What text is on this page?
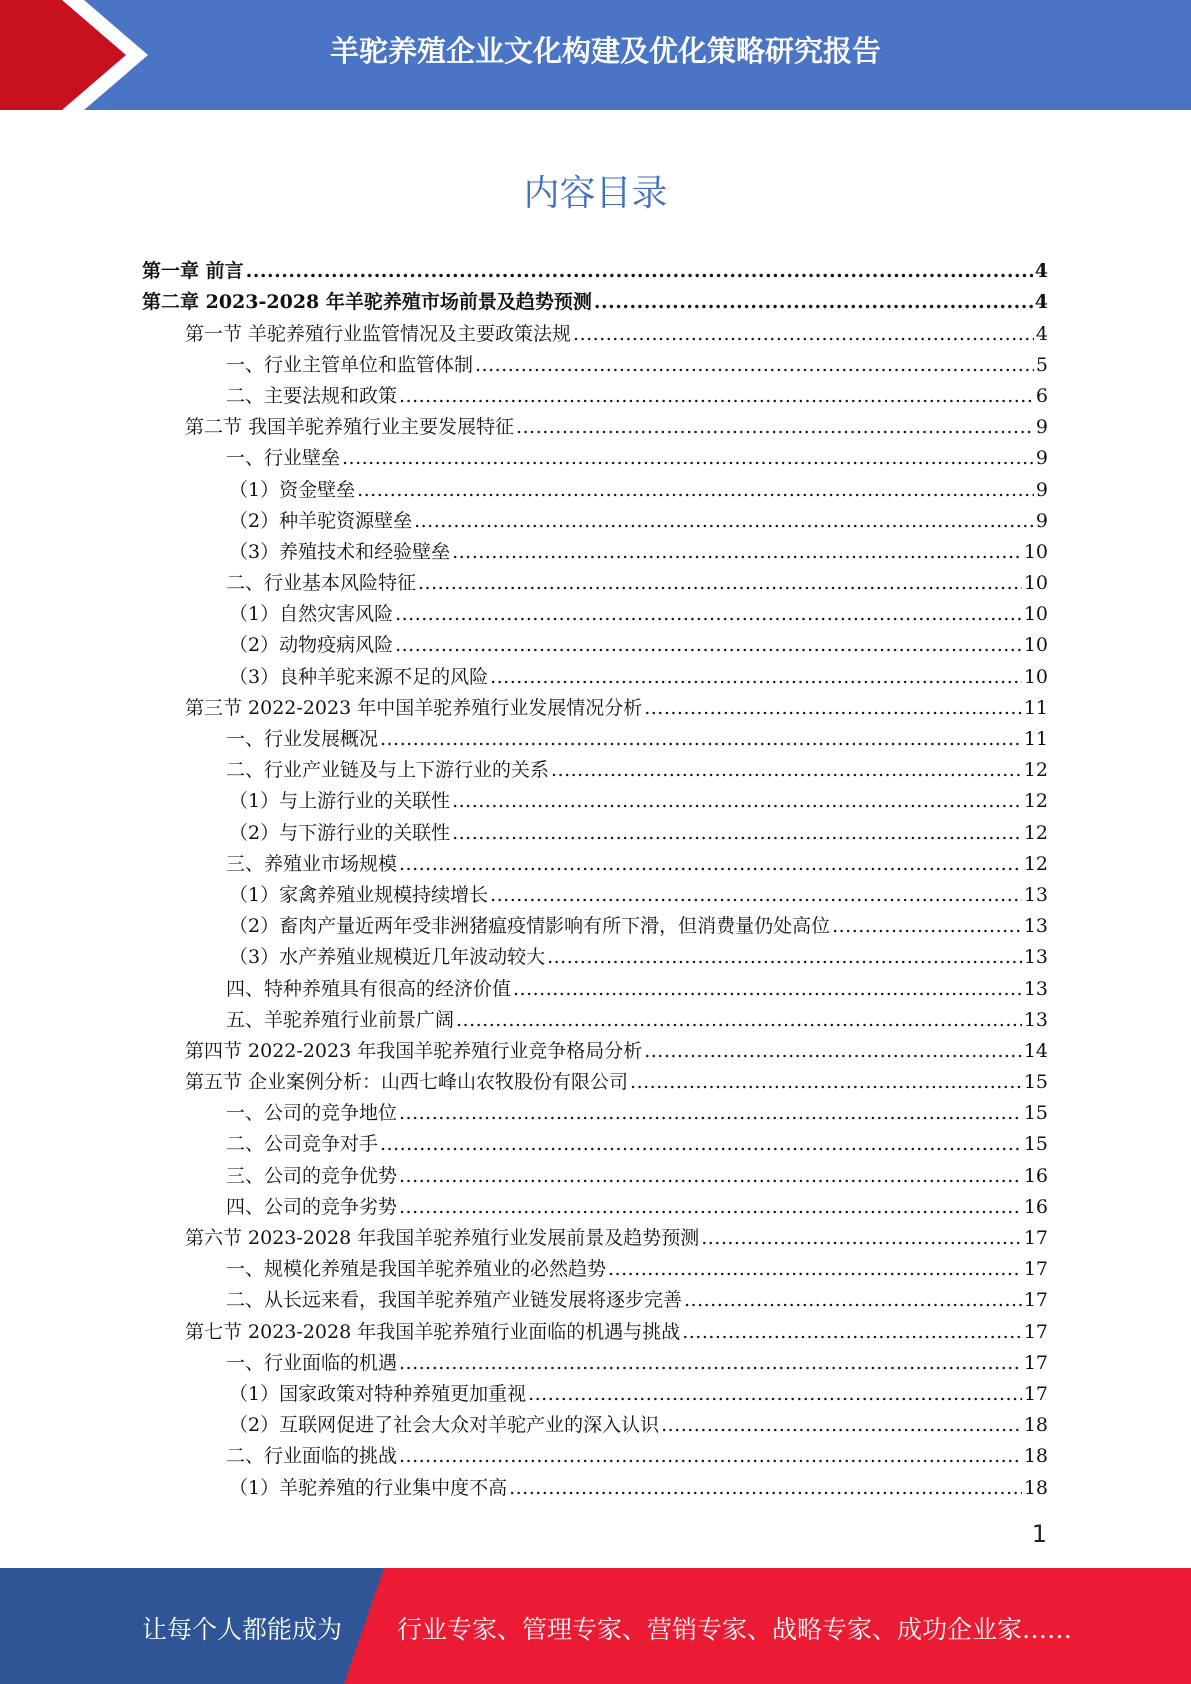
羊驼养殖企业文化构建及优化策略研究报告
内容目录
第一章 前言 .....	4
第二章 2023-2028 年羊驼养殖市场前景及趋势预测 .....	4
第一节 羊驼养殖行业监管情况及主要政策法规 .....	4
一、行业主管单位和监管体制 .....	5
二、主要法规和政策 .....	6
第二节 我国羊驼养殖行业主要发展特征 .....	9
一、行业壁垒 .....	9
（1）资金壁垒 .....	9
（2）种羊驼资源壁垒 .....	9
（3）养殖技术和经验壁垒 .....	10
二、行业基本风险特征 .....	10
（1）自然灾害风险 .....	10
（2）动物疫病风险 .....	10
（3）良种羊驼来源不足的风险 .....	10
第三节 2022-2023 年中国羊驼养殖行业发展情况分析 .....	11
一、行业发展概况 .....	11
二、行业产业链及与上下游行业的关系 .....	12
（1）与上游行业的关联性 .....	12
（2）与下游行业的关联性 .....	12
三、养殖业市场规模 .....	12
（1）家禽养殖业规模持续增长 .....	13
（2）畜肉产量近两年受非洲猪瘟疫情影响有所下滑，但消费量仍处高位 .....	13
（3）水产养殖业规模近几年波动较大 .....	13
四、特种养殖具有很高的经济价值 .....	13
五、羊驼养殖行业前景广阔 .....	13
第四节 2022-2023 年我国羊驼养殖行业竞争格局分析 .....	14
第五节 企业案例分析：山西七峰山农牧股份有限公司 .....	15
一、公司的竞争地位 .....	15
二、公司竞争对手 .....	15
三、公司的竞争优势 .....	16
四、公司的竞争劣势 .....	16
第六节 2023-2028 年我国羊驼养殖行业发展前景及趋势预测 .....	17
一、规模化养殖是我国羊驼养殖业的必然趋势 .....	17
二、从长远来看，我国羊驼养殖产业链发展将逐步完善 .....	17
第七节 2023-2028 年我国羊驼养殖行业面临的机遇与挑战 .....	17
一、行业面临的机遇 .....	17
（1）国家政策对特种养殖更加重视 .....	17
（2）互联网促进了社会大众对羊驼产业的深入认识 .....	18
二、行业面临的挑战 .....	18
（1）羊驼养殖的行业集中度不高 .....	18
1
让每个人都能成为 行业专家、管理专家、营销专家、战略专家、成功企业家……
